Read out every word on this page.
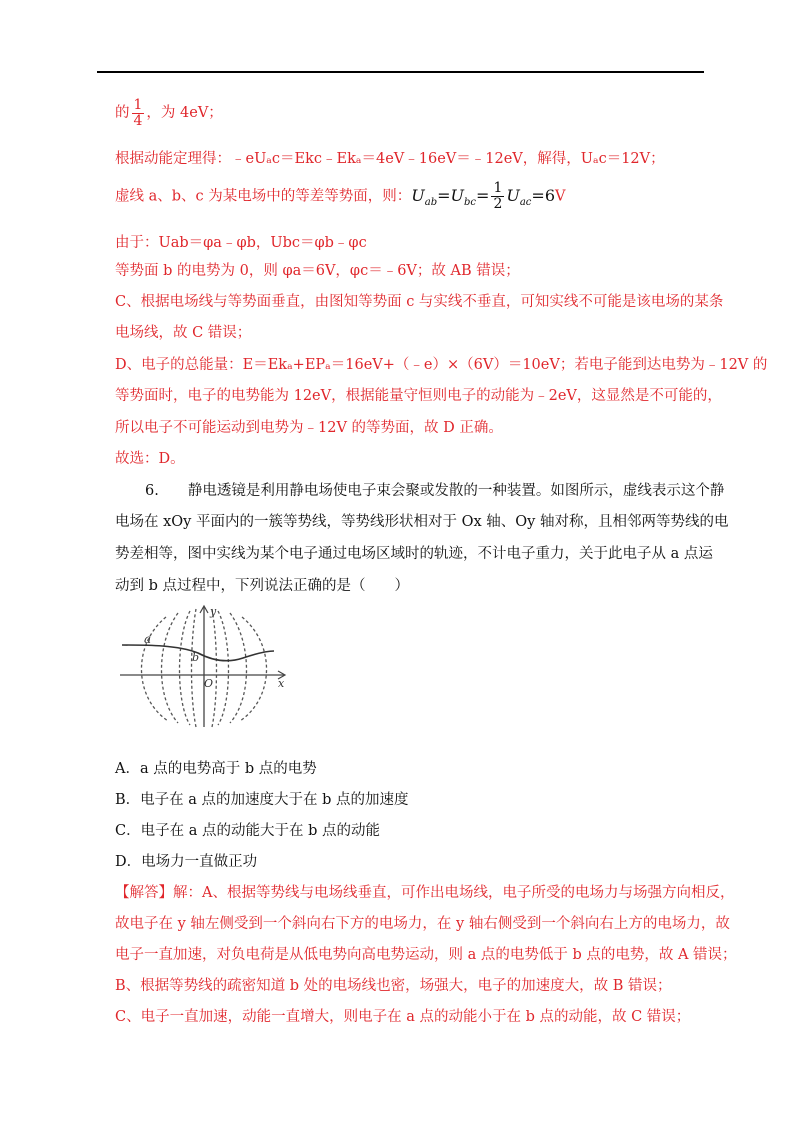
的 $\frac{1}{4}$ ，为 4eV；
根据动能定理得：﹣eUₐc＝Ekc﹣Ekₐ＝4eV﹣16eV＝﹣12eV，解得，Uₐc＝12V；
虚线 a、b、c 为某电场中的等差等势面，则：$U_{ab}=U_{bc}= \frac{1}{2} U_{ac}=6V$
由于：Uab＝φa﹣φb，Ubc＝φb﹣φc
等势面 b 的电势为 0，则 φa＝6V，φc＝﹣6V；故 AB 错误；
C、根据电场线与等势面垂直，由图知等势面 c 与实线不垂直，可知实线不可能是该电场的某条
电场线，故 C 错误；
D、电子的总能量：E＝Ekₐ+EPₐ＝16eV+（﹣e）×（6V）＝10eV；若电子能到达电势为﹣12V 的
等势面时，电子的电势能为 12eV，根据能量守恒则电子的动能为﹣2eV，这显然是不可能的，
所以电子不可能运动到电势为﹣12V 的等势面，故 D 正确。
故选：D。
6.　　静电透镜是利用静电场使电子束会聚或发散的一种装置。如图所示，虚线表示这个静
电场在 xOy 平面内的一簇等势线，等势线形状相对于 Ox 轴、Oy 轴对称，且相邻两等势线的电
势差相等，图中实线为某个电子通过电场区域时的轨迹，不计电子重力，关于此电子从 a 点运
动到 b 点过程中，下列说法正确的是（　　）
a
b
O
y
x
A．a 点的电势高于 b 点的电势
B．电子在 a 点的加速度大于在 b 点的加速度
C．电子在 a 点的动能大于在 b 点的动能
D．电场力一直做正功
【解答】解：A、根据等势线与电场线垂直，可作出电场线，电子所受的电场力与场强方向相反，
故电子在 y 轴左侧受到一个斜向右下方的电场力，在 y 轴右侧受到一个斜向右上方的电场力，故
电子一直加速，对负电荷是从低电势向高电势运动，则 a 点的电势低于 b 点的电势，故 A 错误；
B、根据等势线的疏密知道 b 处的电场线也密，场强大，电子的加速度大，故 B 错误；
C、电子一直加速，动能一直增大，则电子在 a 点的动能小于在 b 点的动能，故 C 错误；
